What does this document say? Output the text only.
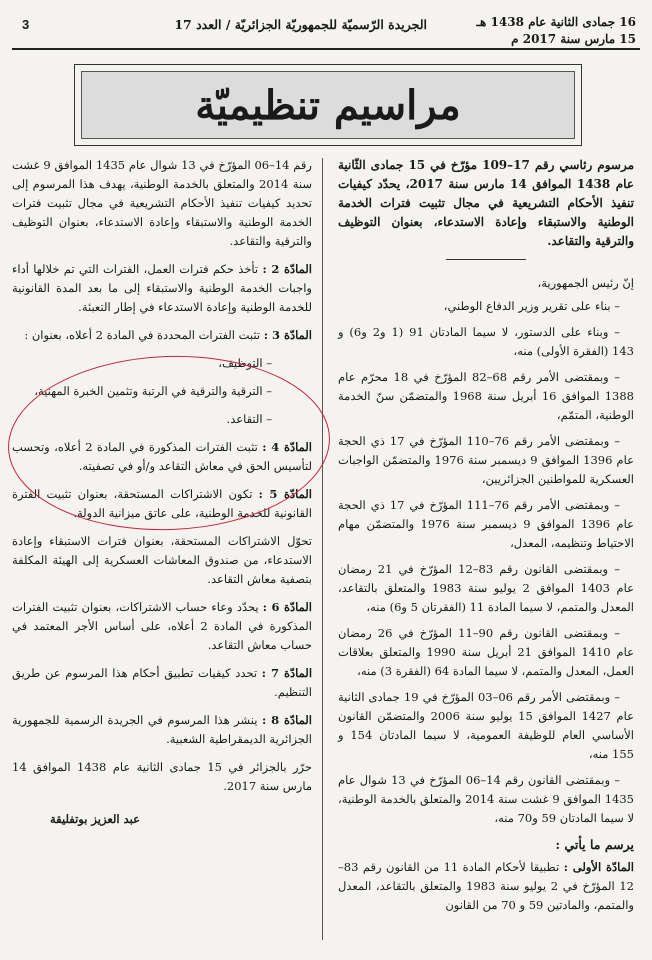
16 جمادى الثانية عام 1438 هـ
15 مارس سنة 2017 م
الجريدة الرّسميّة للجمهوريّة الجزائريّة / العدد 17
3
مراسيم تنظيميّة

مرسوم رئاسي رقم 17–109 مؤرّخ في 15 جمادى الثّانية عام 1438 الموافق 14 مارس سنة 2017، يحدّد كيفيات تنفيذ الأحكام التشريعية في مجال تثبيت فترات الخدمة الوطنية والاستبقاء وإعادة الاستدعاء، بعنوان التوظيف والترقية والتقاعد.

إنّ رئيس الجمهورية،

– بناء على تقرير وزير الدفاع الوطني،

– وبناء على الدستور، لا سيما المادتان 91 (1 و2 و6) و 143 (الفقرة الأولى) منه،

– وبمقتضى الأمر رقم 68–82 المؤرّخ في 18 محرّم عام 1388 الموافق 16 أبريل سنة 1968 والمتضمّن سنّ الخدمة الوطنية، المتمّم،

– وبمقتضى الأمر رقم 76–110 المؤرّخ في 17 ذي الحجة عام 1396 الموافق 9 ديسمبر سنة 1976 والمتضمّن الواجبات العسكرية للمواطنين الجزائريين،

– وبمقتضى الأمر رقم 76–111 المؤرّخ في 17 ذي الحجة عام 1396 الموافق 9 ديسمبر سنة 1976 والمتضمّن مهام الاحتياط وتنظيمه، المعدل،

– وبمقتضى القانون رقم 83–12 المؤرّخ في 21 رمضان عام 1403 الموافق 2 يوليو سنة 1983 والمتعلق بالتقاعد، المعدل والمتمم، لا سيما المادة 11 (الفقرتان 5 و6) منه،

– وبمقتضى القانون رقم 90–11 المؤرّخ في 26 رمضان عام 1410 الموافق 21 أبريل سنة 1990 والمتعلق بعلاقات العمل، المعدل والمتمم، لا سيما المادة 64 (الفقرة 3) منه،

– وبمقتضى الأمر رقم 06–03 المؤرّخ في 19 جمادى الثانية عام 1427 الموافق 15 يوليو سنة 2006 والمتضمّن القانون الأساسي العام للوظيفة العمومية، لا سيما المادتان 154 و 155 منه،

– وبمقتضى القانون رقم 14–06 المؤرّخ في 13 شوال عام 1435 الموافق 9 غشت سنة 2014 والمتعلق بالخدمة الوطنية، لا سيما المادتان 59 و70 منه،

يرسم ما يأتي :

المادّة الأولى : تطبيقا لأحكام المادة 11 من القانون رقم 83–12 المؤرّخ في 2 يوليو سنة 1983 والمتعلق بالتقاعد، المعدل والمتمم، والمادتين 59 و 70 من القانون

رقم 14–06 المؤرّخ في 13 شوال عام 1435 الموافق 9 غشت سنة 2014 والمتعلق بالخدمة الوطنية، يهدف هذا المرسوم إلى تحديد كيفيات تنفيذ الأحكام التشريعية في مجال تثبيت فترات الخدمة الوطنية والاستبقاء وإعادة الاستدعاء، بعنوان التوظيف والترقية والتقاعد.

المادّة 2 : تأخذ حكم فترات العمل، الفترات التي تم خلالها أداء واجبات الخدمة الوطنية والاستبقاء إلى ما بعد المدة القانونية للخدمة الوطنية وإعادة الاستدعاء في إطار التعبئة.

المادّة 3 : تثبت الفترات المحددة في المادة 2 أعلاه، بعنوان :

– التوظيف،

– الترقية والترقية في الرتبة وتثمين الخبرة المهنية،

– التقاعد.

المادّة 4 : تثبت الفترات المذكورة في المادة 2 أعلاه، وتحسب لتأسيس الحق في معاش التقاعد و/أو في تصفيته.

المادّة 5 : تكون الاشتراكات المستحقة، بعنوان تثبيت الفترة القانونية للخدمة الوطنية، على عاتق ميزانية الدولة.

تحوّل الاشتراكات المستحقة، بعنوان فترات الاستبقاء وإعادة الاستدعاء، من صندوق المعاشات العسكرية إلى الهيئة المكلفة بتصفية معاش التقاعد.

المادّة 6 : يحدّد وعاء حساب الاشتراكات، بعنوان تثبيت الفترات المذكورة في المادة 2 أعلاه، على أساس الأجر المعتمد في حساب معاش التقاعد.

المادّة 7 : تحدد كيفيات تطبيق أحكام هذا المرسوم عن طريق التنظيم.

المادّة 8 : ينشر هذا المرسوم في الجريدة الرسمية للجمهورية الجزائرية الديمقراطية الشعبية.

حرّر بالجزائر في 15 جمادى الثانية عام 1438 الموافق 14 مارس سنة 2017.

عبد العزيز بوتفليقة
